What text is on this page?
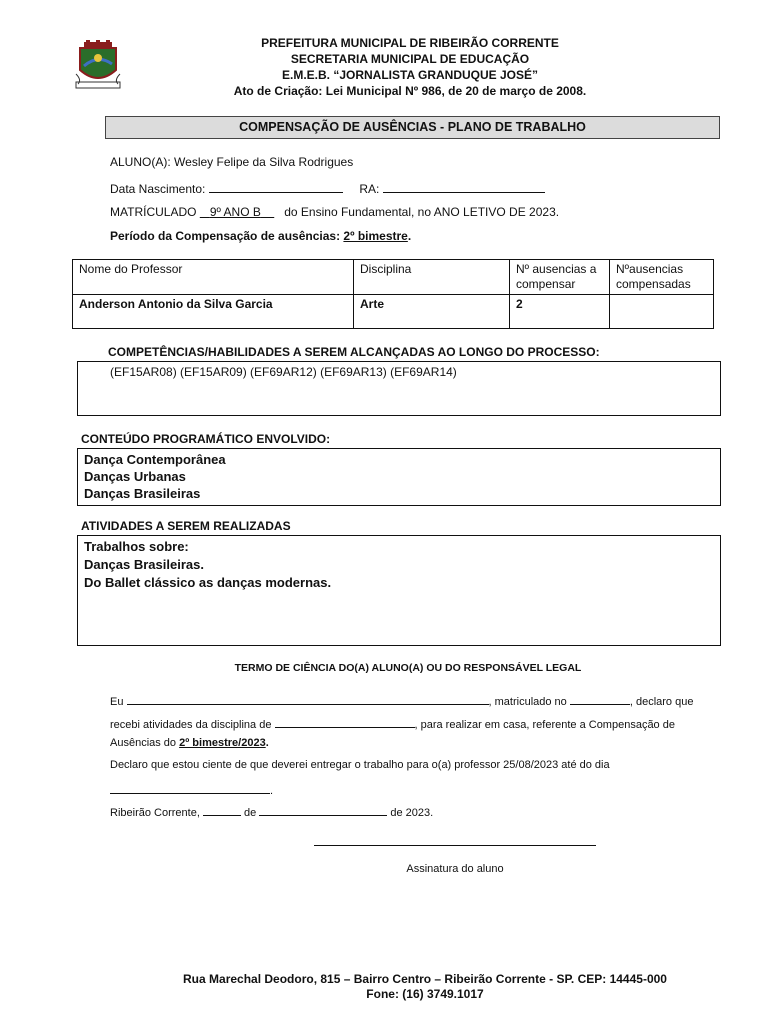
PREFEITURA MUNICIPAL DE RIBEIRÃO CORRENTE
SECRETARIA MUNICIPAL DE EDUCAÇÃO
E.M.E.B. “JORNALISTA GRANDUQUE JOSÉ”
Ato de Criação: Lei Municipal Nº 986, de 20 de março de 2008.
COMPENSAÇÃO DE AUSÊNCIAS - PLANO DE TRABALHO
ALUNO(A): Wesley Felipe da Silva Rodrigues
Data Nascimento:	RA:
MATRÍCULADO 9º ANO B do Ensino Fundamental, no ANO LETIVO DE 2023.
Período da Compensação de ausências: 2º bimestre.
Nome do Professor	Disciplina	Nº ausencias a compensar	Nºausencias compensadas
Anderson Antonio da Silva Garcia	Arte	2	
COMPETÊNCIAS/HABILIDADES A SEREM ALCANÇADAS AO LONGO DO PROCESSO:
(EF15AR08) (EF15AR09) (EF69AR12) (EF69AR13) (EF69AR14)
CONTEÚDO PROGRAMÁTICO ENVOLVIDO:
Dança Contemporânea
Danças Urbanas
Danças Brasileiras
ATIVIDADES A SEREM REALIZADAS
Trabalhos sobre:
Danças Brasileiras.
Do Ballet clássico as danças modernas.
TERMO DE CIÊNCIA DO(A) ALUNO(A) OU DO RESPONSÁVEL LEGAL
Eu	, matriculado no	, declaro que
recebi atividades da disciplina de	, para realizar em casa, referente a Compensação de
Ausências do 2º bimestre/2023.
Declaro que estou ciente de que deverei entregar o trabalho para o(a) professor 25/08/2023 até do dia
.
Ribeirão Corrente,	de	de 2023.
Assinatura do aluno
Rua Marechal Deodoro, 815 – Bairro Centro – Ribeirão Corrente - SP. CEP: 14445-000
Fone: (16) 3749.1017
